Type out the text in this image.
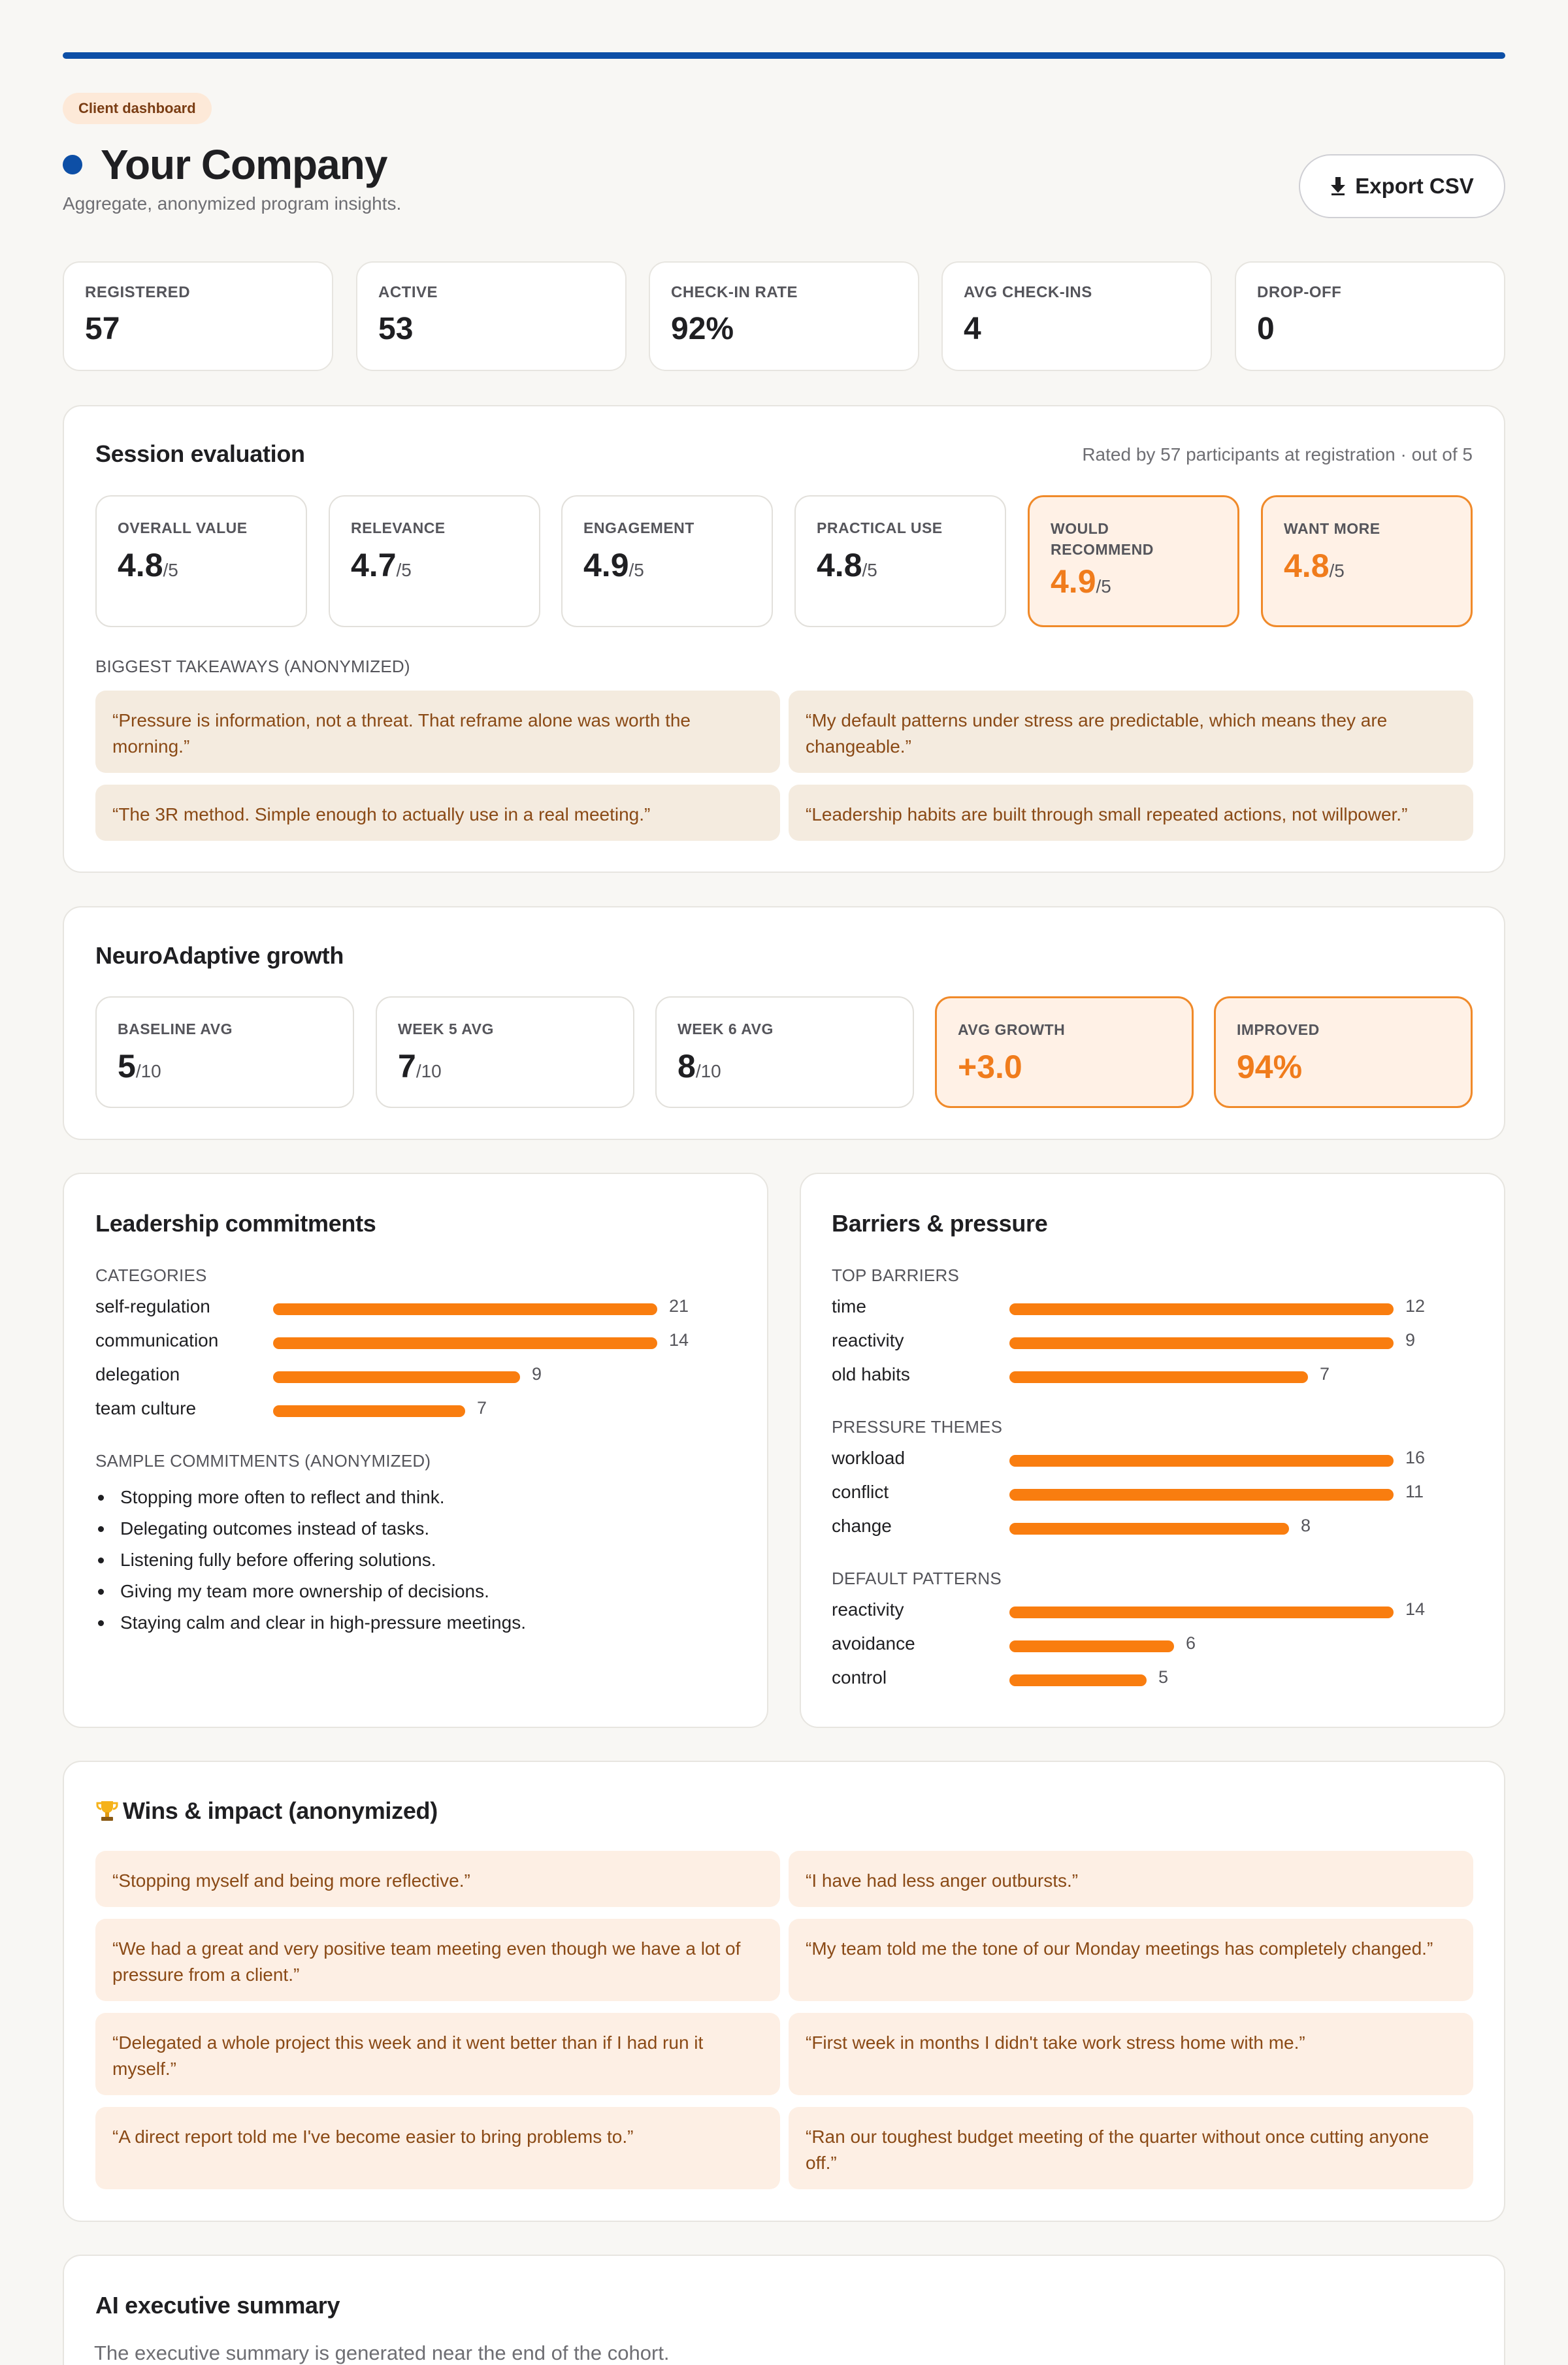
Client dashboard
Your Company
Aggregate, anonymized program insights.
Export CSV
REGISTERED
57
ACTIVE
53
CHECK-IN RATE
92%
AVG CHECK-INS
4
DROP-OFF
0
Session evaluation	Rated by 57 participants at registration · out of 5
OVERALL VALUE
4.8/5
RELEVANCE
4.7/5
ENGAGEMENT
4.9/5
PRACTICAL USE
4.8/5
WOULD RECOMMEND
4.9/5
WANT MORE
4.8/5
BIGGEST TAKEAWAYS (ANONYMIZED)
“Pressure is information, not a threat. That reframe alone was worth the morning.”
“My default patterns under stress are predictable, which means they are changeable.”
“The 3R method. Simple enough to actually use in a real meeting.”	“Leadership habits are built through small repeated actions, not willpower.”
NeuroAdaptive growth
BASELINE AVG
5/10
WEEK 5 AVG
7/10
WEEK 6 AVG
8/10
AVG GROWTH
+3.0
IMPROVED
94%
Leadership commitments
CATEGORIES
self-regulation	21
communication	14
delegation	9
team culture	7
SAMPLE COMMITMENTS (ANONYMIZED)
Stopping more often to reflect and think.
Delegating outcomes instead of tasks.
Listening fully before offering solutions.
Giving my team more ownership of decisions.
Staying calm and clear in high-pressure meetings.
Barriers & pressure
TOP BARRIERS
PRESSURE THEMES
DEFAULT PATTERNS
time	12
reactivity	9
old habits	7
workload	16
conflict	11
change	8
reactivity	14
avoidance	6
control	5
Wins & impact (anonymized)
“Stopping myself and being more reflective.”	“I have had less anger outbursts.”
“We had a great and very positive team meeting even though we have a lot of pressure from a client.”
“My team told me the tone of our Monday meetings has completely changed.”
“Delegated a whole project this week and it went better than if I had run it myself.”
“First week in months I didn't take work stress home with me.”
“A direct report told me I've become easier to bring problems to.”	“Ran our toughest budget meeting of the quarter without once cutting anyone off.”
AI executive summary
The executive summary is generated near the end of the cohort.
